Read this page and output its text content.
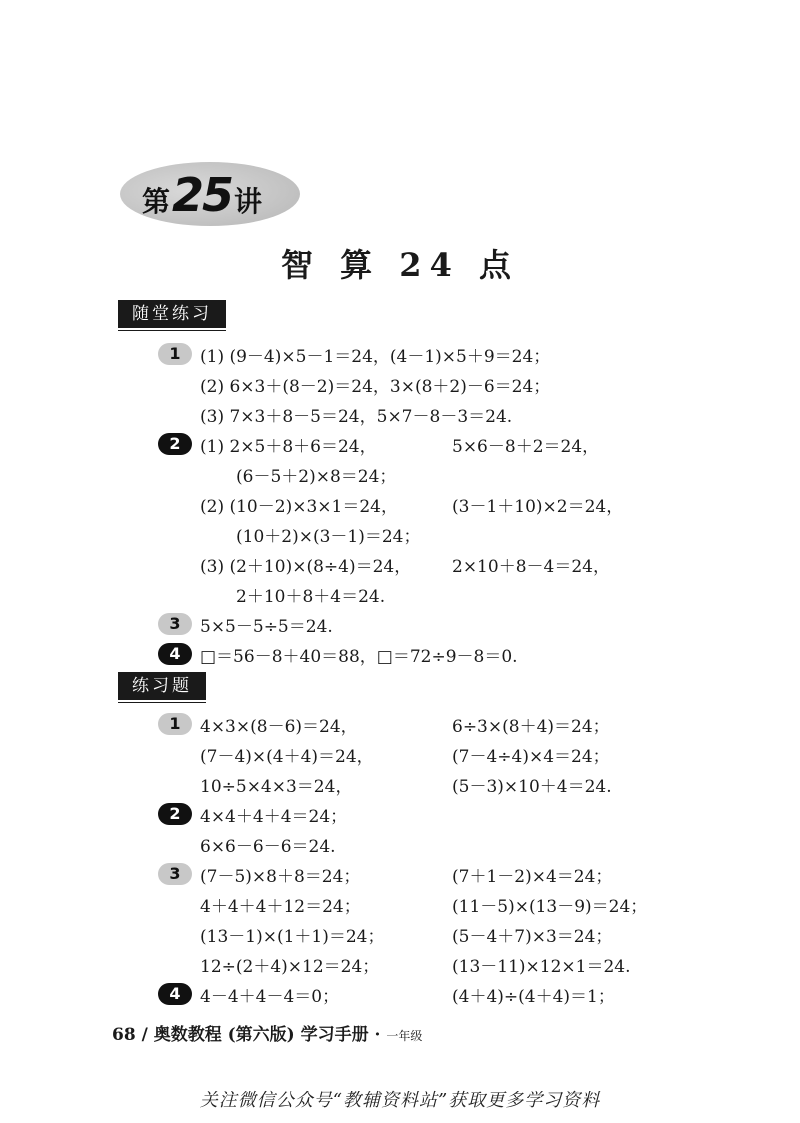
第 25 讲
智 算 24 点
随堂练习
1	(1) (9－4)×5－1＝24，(4－1)×5＋9＝24；
(2) 6×3＋(8－2)＝24，3×(8＋2)－6＝24；
(3) 7×3＋8－5＝24，5×7－8－3＝24.
2	(1) 2×5＋8＋6＝24，	5×6－8＋2＝24，
(6－5＋2)×8＝24；
(2) (10－2)×3×1＝24，	(3－1＋10)×2＝24，
(10＋2)×(3－1)＝24；
(3) (2＋10)×(8÷4)＝24， 2×10＋8－4＝24，
2＋10＋8＋4＝24.
3	5×5－5÷5＝24.
4	□＝56－8＋40＝88，□＝72÷9－8＝0.
练习题
1	4×3×(8－6)＝24，	6÷3×(8＋4)＝24；
(7－4)×(4＋4)＝24，	(7－4÷4)×4＝24；
10÷5×4×3＝24，	(5－3)×10＋4＝24.
2	4×4＋4＋4＝24；
6×6－6－6＝24.
3	(7－5)×8＋8＝24；	(7＋1－2)×4＝24；
4＋4＋4＋12＝24；	(11－5)×(13－9)＝24；
(13－1)×(1＋1)＝24；	(5－4＋7)×3＝24；
12÷(2＋4)×12＝24；	(13－11)×12×1＝24.
4	4－4＋4－4＝0；	(4＋4)÷(4＋4)＝1；
68 / 奥数教程 (第六版) 学习手册 · 一年级
关注微信公众号“教辅资料站”获取更多学习资料
